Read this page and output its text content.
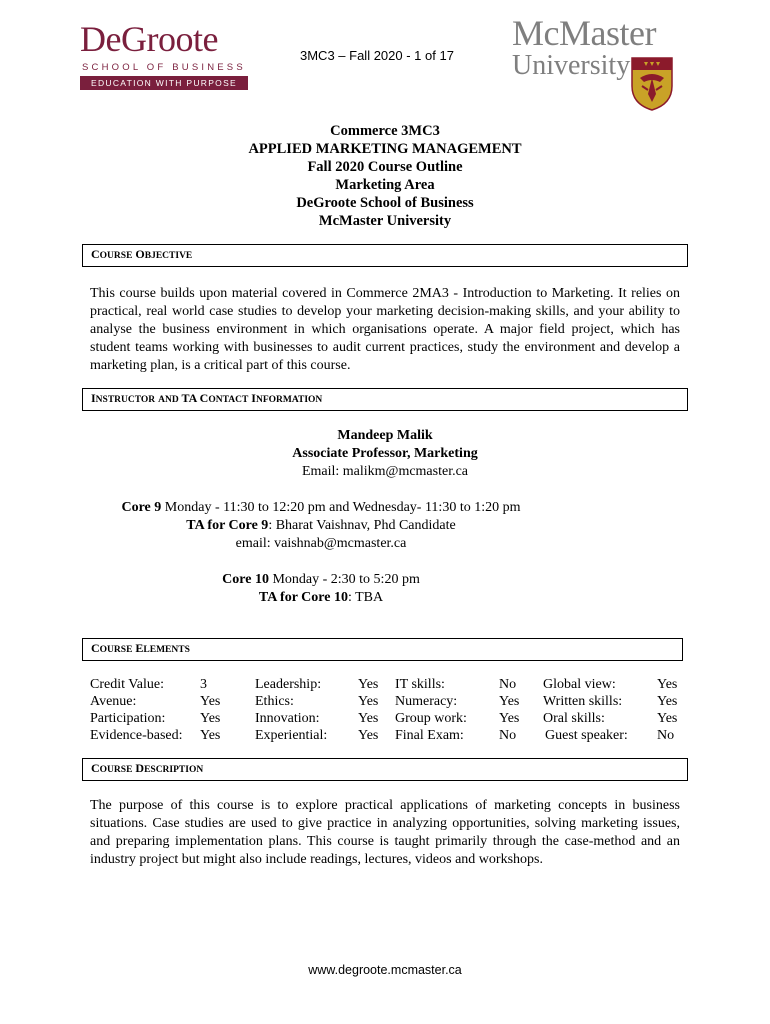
DeGroote
SCHOOL OF BUSINESS
EDUCATION WITH PURPOSE
3MC3 – Fall 2020 - 1 of 17
McMaster
University
Commerce 3MC3
APPLIED MARKETING MANAGEMENT
Fall 2020 Course Outline
Marketing Area
DeGroote School of Business
McMaster University
COURSE OBJECTIVE
This course builds upon material covered in Commerce 2MA3 - Introduction to Marketing. It relies on practical, real world case studies to develop your marketing decision-making skills, and your ability to analyse the business environment in which organisations operate. A major field project, which has student teams working with businesses to audit current practices, study the environment and develop a marketing plan, is a critical part of this course.
INSTRUCTOR AND TA CONTACT INFORMATION
Mandeep Malik
Associate Professor, Marketing
Email: malikm@mcmaster.ca
Core 9 Monday - 11:30 to 12:20 pm and Wednesday- 11:30 to 1:20 pm
TA for Core 9: Bharat Vaishnav, Phd Candidate
email: vaishnab@mcmaster.ca
Core 10 Monday - 2:30 to 5:20 pm
TA for Core 10: TBA
COURSE ELEMENTS
Credit Value:	3	Leadership:	Yes IT skills:	No Global view:	Yes
Avenue:	Yes Ethics:	Yes Numeracy:	Yes Written skills: Yes
Participation: Yes Innovation:	Yes Group work: Yes Oral skills:	Yes
Evidence-based: Yes Experiential: Yes Final Exam:	No Guest speaker: No
COURSE DESCRIPTION
The purpose of this course is to explore practical applications of marketing concepts in business situations. Case studies are used to give practice in analyzing opportunities, solving marketing issues, and preparing implementation plans. This course is taught primarily through the case-method and an industry project but might also include readings, lectures, videos and workshops.
www.degroote.mcmaster.ca
